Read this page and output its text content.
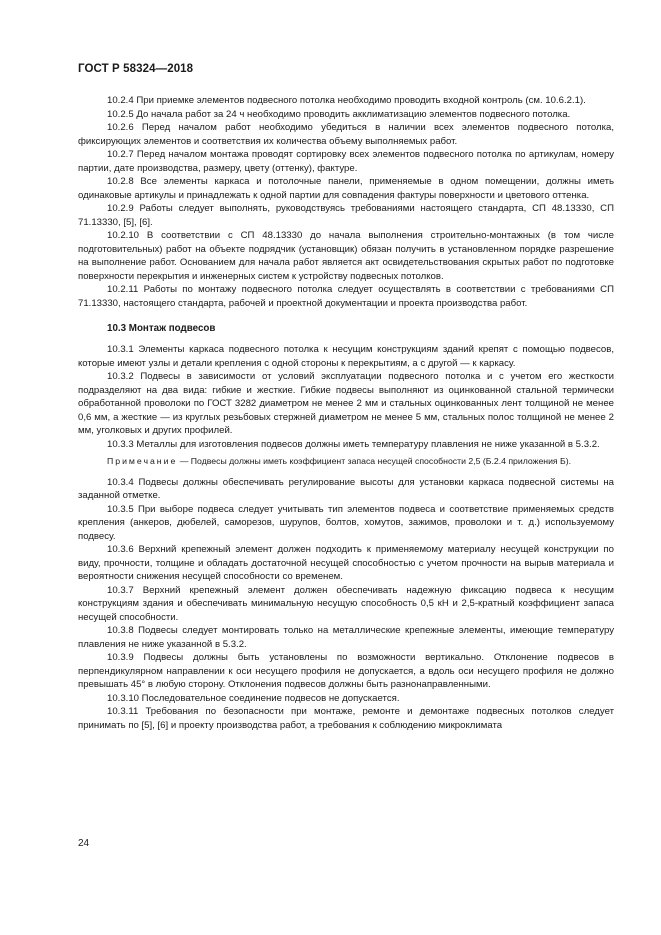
ГОСТ Р 58324—2018

10.2.4 При приемке элементов подвесного потолка необходимо проводить входной контроль (см. 10.6.2.1).

10.2.5 До начала работ за 24 ч необходимо проводить акклиматизацию элементов подвесного потолка.

10.2.6 Перед началом работ необходимо убедиться в наличии всех элементов подвесного потолка, фиксирующих элементов и соответствия их количества объему выполняемых работ.

10.2.7 Перед началом монтажа проводят сортировку всех элементов подвесного потолка по артикулам, номеру партии, дате производства, размеру, цвету (оттенку), фактуре.

10.2.8 Все элементы каркаса и потолочные панели, применяемые в одном помещении, должны иметь одинаковые артикулы и принадлежать к одной партии для совпадения фактуры поверхности и цветового оттенка.

10.2.9 Работы следует выполнять, руководствуясь требованиями настоящего стандарта, СП 48.13330, СП 71.13330, [5], [6].

10.2.10 В соответствии с СП 48.13330 до начала выполнения строительно-монтажных (в том числе подготовительных) работ на объекте подрядчик (установщик) обязан получить в установленном порядке разрешение на выполнение работ. Основанием для начала работ является акт освидетельствования скрытых работ по подготовке поверхности перекрытия и инженерных систем к устройству подвесных потолков.

10.2.11 Работы по монтажу подвесного потолка следует осуществлять в соответствии с требованиями СП 71.13330, настоящего стандарта, рабочей и проектной документации и проекта производства работ.

10.3 Монтаж подвесов

10.3.1 Элементы каркаса подвесного потолка к несущим конструкциям зданий крепят с помощью подвесов, которые имеют узлы и детали крепления с одной стороны к перекрытиям, а с другой — к каркасу.

10.3.2 Подвесы в зависимости от условий эксплуатации подвесного потолка и с учетом его жесткости подразделяют на два вида: гибкие и жесткие. Гибкие подвесы выполняют из оцинкованной стальной термически обработанной проволоки по ГОСТ 3282 диаметром не менее 2 мм и стальных оцинкованных лент толщиной не менее 0,6 мм, а жесткие — из круглых резьбовых стержней диаметром не менее 5 мм, стальных полос толщиной не менее 2 мм, уголковых и других профилей.

10.3.3 Металлы для изготовления подвесов должны иметь температуру плавления не ниже указанной в 5.3.2.

Примечание — Подвесы должны иметь коэффициент запаса несущей способности 2,5 (Б.2.4 приложения Б).

10.3.4 Подвесы должны обеспечивать регулирование высоты для установки каркаса подвесной системы на заданной отметке.

10.3.5 При выборе подвеса следует учитывать тип элементов подвеса и соответствие применяемых средств крепления (анкеров, дюбелей, саморезов, шурупов, болтов, хомутов, зажимов, проволоки и т. д.) используемому подвесу.

10.3.6 Верхний крепежный элемент должен подходить к применяемому материалу несущей конструкции по виду, прочности, толщине и обладать достаточной несущей способностью с учетом прочности на вырыв материала и вероятности снижения несущей способности со временем.

10.3.7 Верхний крепежный элемент должен обеспечивать надежную фиксацию подвеса к несущим конструкциям здания и обеспечивать минимальную несущую способность 0,5 кН и 2,5-кратный коэффициент запаса несущей способности.

10.3.8 Подвесы следует монтировать только на металлические крепежные элементы, имеющие температуру плавления не ниже указанной в 5.3.2.

10.3.9 Подвесы должны быть установлены по возможности вертикально. Отклонение подвесов в перпендикулярном направлении к оси несущего профиля не допускается, а вдоль оси несущего профиля не должно превышать 45° в любую сторону. Отклонения подвесов должны быть разнонаправленными.

10.3.10 Последовательное соединение подвесов не допускается.

10.3.11 Требования по безопасности при монтаже, ремонте и демонтаже подвесных потолков следует принимать по [5], [6] и проекту производства работ, а требования к соблюдению микроклимата

24
